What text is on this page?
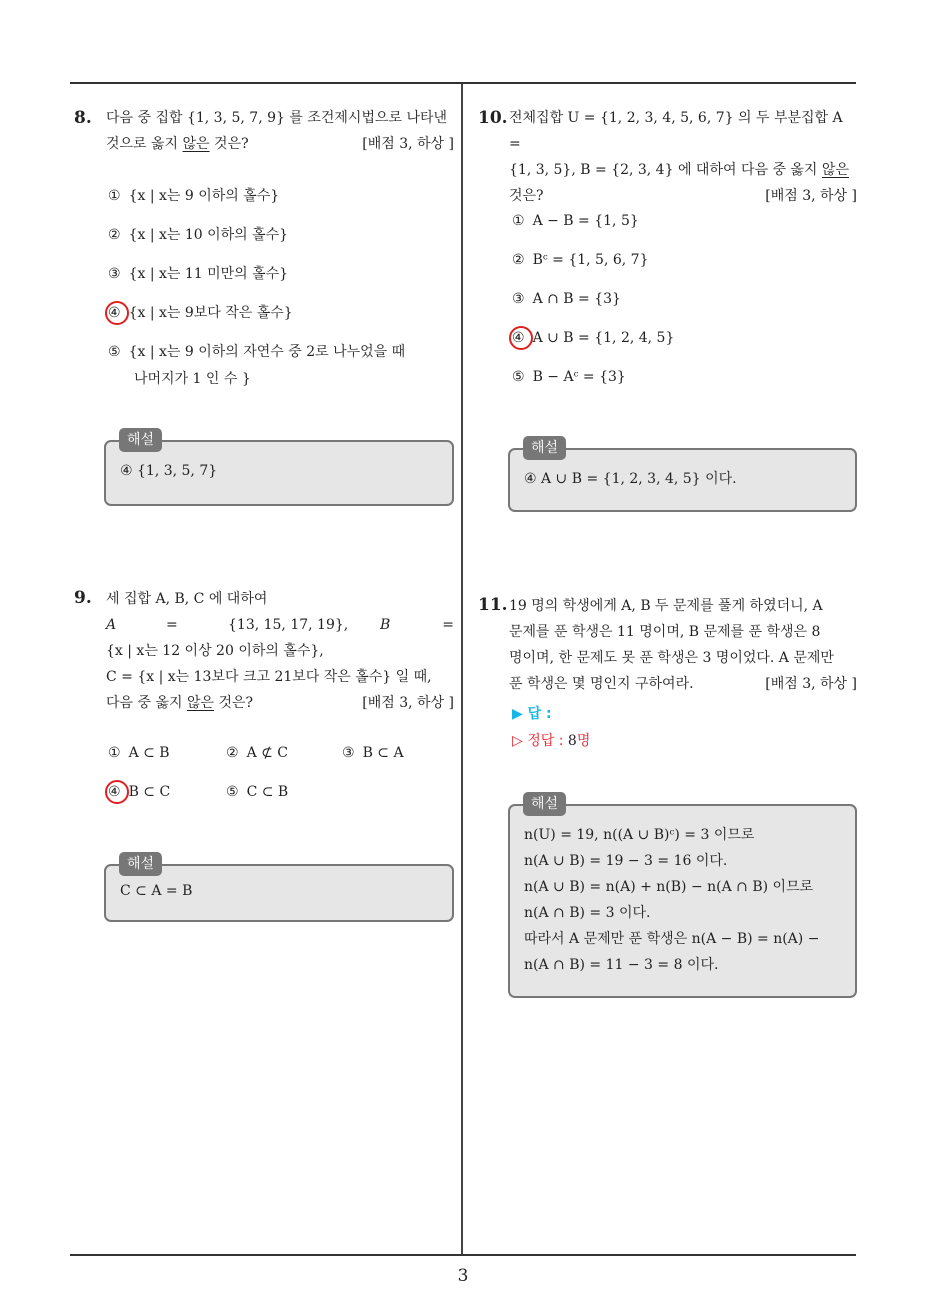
8. 다음 중 집합 {1, 3, 5, 7, 9} 를 조건제시법으로 나타낸
것으로 옳지 않은 것은?	[배점 3, 하상 ]
① {x | x는 9 이하의 홀수}
② {x | x는 10 이하의 홀수}
③ {x | x는 11 미만의 홀수}
④ {x | x는 9보다 작은 홀수}
⑤ {x | x는 9 이하의 자연수 중 2로 나누었을 때
나머지가 1 인 수 }
④ {1, 3, 5, 7}
해설
9. 세 집합 A, B, C 에 대하여
A	=	{13, 15, 17, 19}, B	=
{x | x는 12 이상 20 이하의 홀수},
C = {x | x는 13보다 크고 21보다 작은 홀수} 일 때,
다음 중 옳지 않은 것은?	[배점 3, 하상 ]
① A ⊂ B	② A ⊄ C	③ B ⊂ A
④ B ⊂ C	⑤ C ⊂ B
C ⊂ A = B
해설
10. 전체집합 U = {1, 2, 3, 4, 5, 6, 7} 의 두 부분집합 A =
{1, 3, 5}, B = {2, 3, 4} 에 대하여 다음 중 옳지 않은
것은?	[배점 3, 하상 ]
① A − B = {1, 5}
② Bᶜ = {1, 5, 6, 7}
③ A ∩ B = {3}
④ A ∪ B = {1, 2, 4, 5}
⑤ B − Aᶜ = {3}
④ A ∪ B = {1, 2, 3, 4, 5} 이다.
해설
11. 19 명의 학생에게 A, B 두 문제를 풀게 하였더니, A
문제를 푼 학생은 11 명이며, B 문제를 푼 학생은 8
명이며, 한 문제도 못 푼 학생은 3 명이었다. A 문제만
푼 학생은 몇 명인지 구하여라.	[배점 3, 하상 ]
▶ 답 :
▷ 정답 : 8명
n(U) = 19, n((A ∪ B)ᶜ) = 3 이므로
n(A ∪ B) = 19 − 3 = 16 이다.
n(A ∪ B) = n(A) + n(B) − n(A ∩ B) 이므로
n(A ∩ B) = 3 이다.
따라서 A 문제만 푼 학생은 n(A − B) = n(A) −
n(A ∩ B) = 11 − 3 = 8 이다.
해설
3
